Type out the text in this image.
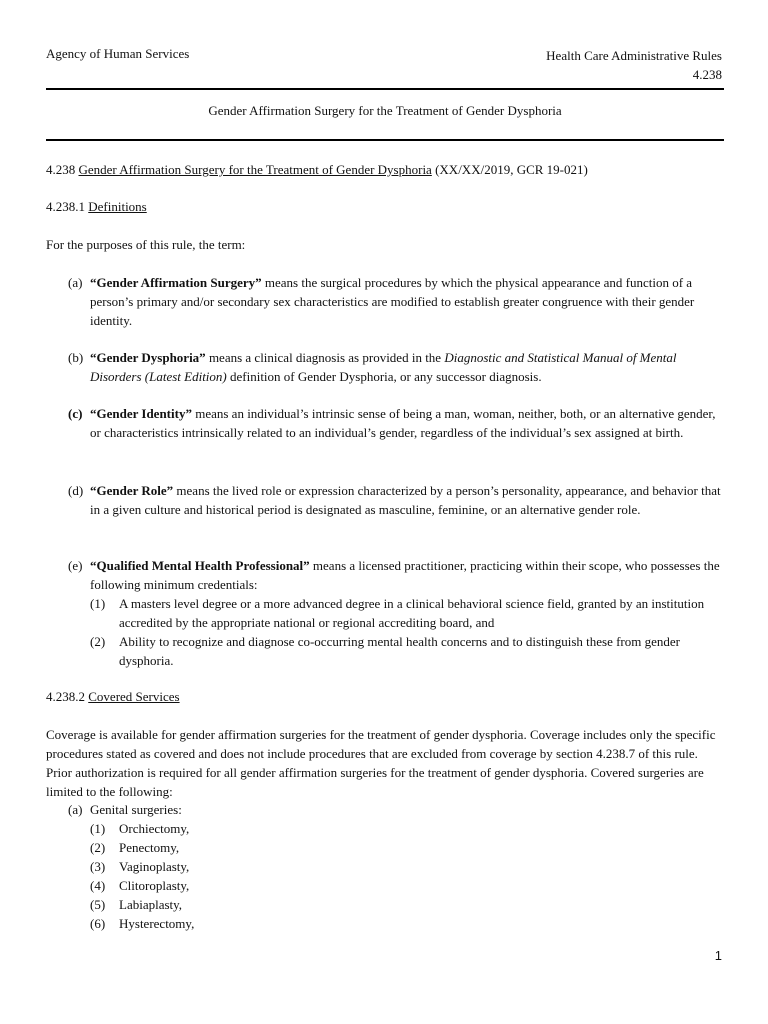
Agency of Human Services	Health Care Administrative Rules
4.238
Gender Affirmation Surgery for the Treatment of Gender Dysphoria
4.238 Gender Affirmation Surgery for the Treatment of Gender Dysphoria (XX/XX/2019, GCR 19-021)
4.238.1 Definitions
For the purposes of this rule, the term:
(a) “Gender Affirmation Surgery” means the surgical procedures by which the physical appearance and function of a person’s primary and/or secondary sex characteristics are modified to establish greater congruence with their gender identity.
(b) “Gender Dysphoria” means a clinical diagnosis as provided in the Diagnostic and Statistical Manual of Mental Disorders (Latest Edition) definition of Gender Dysphoria, or any successor diagnosis.
(c) “Gender Identity” means an individual’s intrinsic sense of being a man, woman, neither, both, or an alternative gender, or characteristics intrinsically related to an individual’s gender, regardless of the individual’s sex assigned at birth.
(d) “Gender Role” means the lived role or expression characterized by a person’s personality, appearance, and behavior that in a given culture and historical period is designated as masculine, feminine, or an alternative gender role.
(e) “Qualified Mental Health Professional” means a licensed practitioner, practicing within their scope, who possesses the following minimum credentials:
(1) A masters level degree or a more advanced degree in a clinical behavioral science field, granted by an institution accredited by the appropriate national or regional accrediting board, and
(2) Ability to recognize and diagnose co-occurring mental health concerns and to distinguish these from gender dysphoria.
4.238.2 Covered Services
Coverage is available for gender affirmation surgeries for the treatment of gender dysphoria. Coverage includes only the specific procedures stated as covered and does not include procedures that are excluded from coverage by section 4.238.7 of this rule. Prior authorization is required for all gender affirmation surgeries for the treatment of gender dysphoria. Covered surgeries are limited to the following:
(a) Genital surgeries:
(1) Orchiectomy,
(2) Penectomy,
(3) Vaginoplasty,
(4) Clitoroplasty,
(5) Labiaplasty,
(6) Hysterectomy,
1
